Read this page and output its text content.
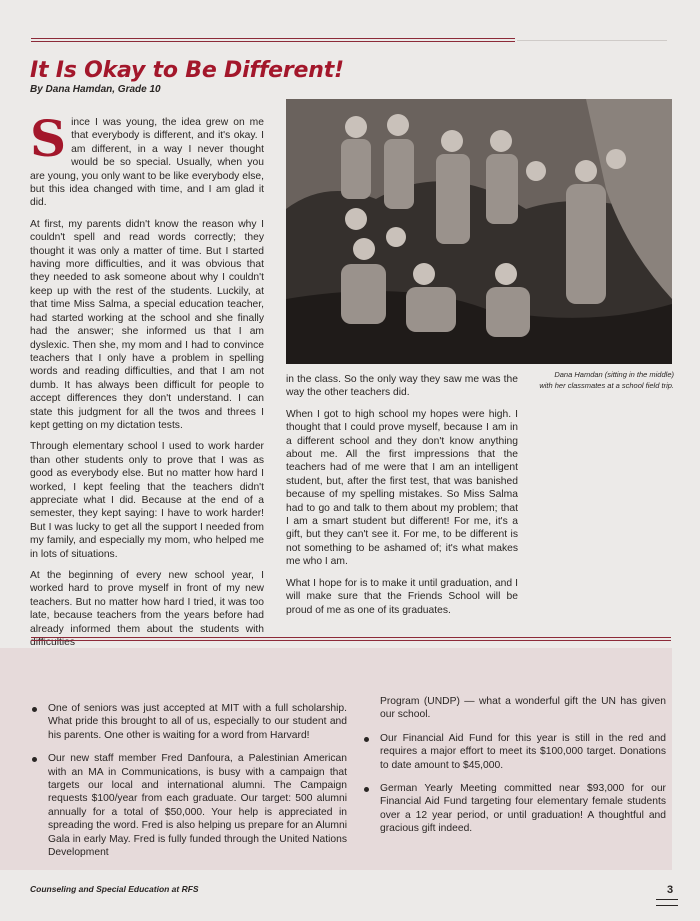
It Is Okay to Be Different!

By Dana Hamdan, Grade 10

Since I was young, the idea grew on me that everybody is different, and it's okay. I am different, in a way I never thought would be so special. Usually, when you are young, you only want to be like everybody else, but this idea changed with time, and I am glad it did.

At first, my parents didn't know the reason why I couldn't spell and read words correctly; they thought it was only a matter of time. But I started having more difficulties, and it was obvious that they needed to ask someone about why I couldn't keep up with the rest of the students. Luckily, at that time Miss Salma, a special education teacher, had started working at the school and she finally had the answer; she informed us that I am dyslexic. Then she, my mom and I had to convince teachers that I only have a problem in spelling words and reading difficulties, and that I am not dumb. It has always been difficult for people to accept differences they don't understand. I can state this judgment for all the twos and threes I kept getting on my dictation tests.

Through elementary school I used to work harder than other students only to prove that I was as good as everybody else. But no matter how hard I worked, I kept feeling that the teachers didn't appreciate what I did. Because at the end of a semester, they kept saying: I have to work harder! But I was lucky to get all the support I needed from my family, and especially my mom, who helped me in lots of situations.

At the beginning of every new school year, I worked hard to prove myself in front of my new teachers. But no matter how hard I tried, it was too late, because teachers from the years before had already informed them about the students with difficulties

Dana Hamdan (sitting in the middle)
with her classmates at a school field trip.

in the class. So the only way they saw me was the way the other teachers did.

When I got to high school my hopes were high. I thought that I could prove myself, because I am in a different school and they don't know anything about me. All the first impressions that the teachers had of me were that I am an intelligent student, but, after the first test, that was banished because of my spelling mistakes. So Miss Salma had to go and talk to them about my problem; that I am a smart student but different! For me, it's a gift, but they can't see it. For me, to be different is not something to be ashamed of; it's what makes me who I am.

What I hope for is to make it until graduation, and I will make sure that the Friends School will be proud of me as one of its graduates.

One of seniors was just accepted at MIT with a full scholarship. What pride this brought to all of us, especially to our student and his parents. One other is waiting for a word from Harvard!
Our new staff member Fred Danfoura, a Palestinian American with an MA in Communications, is busy with a campaign that targets our local and international alumni. The Campaign requests $100/year from each graduate. Our target: 500 alumni annually for a total of $50,000. Your help is appreciated in spreading the word. Fred is also helping us prepare for an Alumni Gala in early May. Fred is fully funded through the United Nations Development
Program (UNDP) — what a wonderful gift the UN has given our school.
Our Financial Aid Fund for this year is still in the red and requires a major effort to meet its $100,000 target. Donations to date amount to $45,000.
German Yearly Meeting committed near $93,000 for our Financial Aid Fund targeting four elementary female students over a 12 year period, or until graduation! A thoughtful and gracious gift indeed.
Counseling and Special Education at RFS	3
